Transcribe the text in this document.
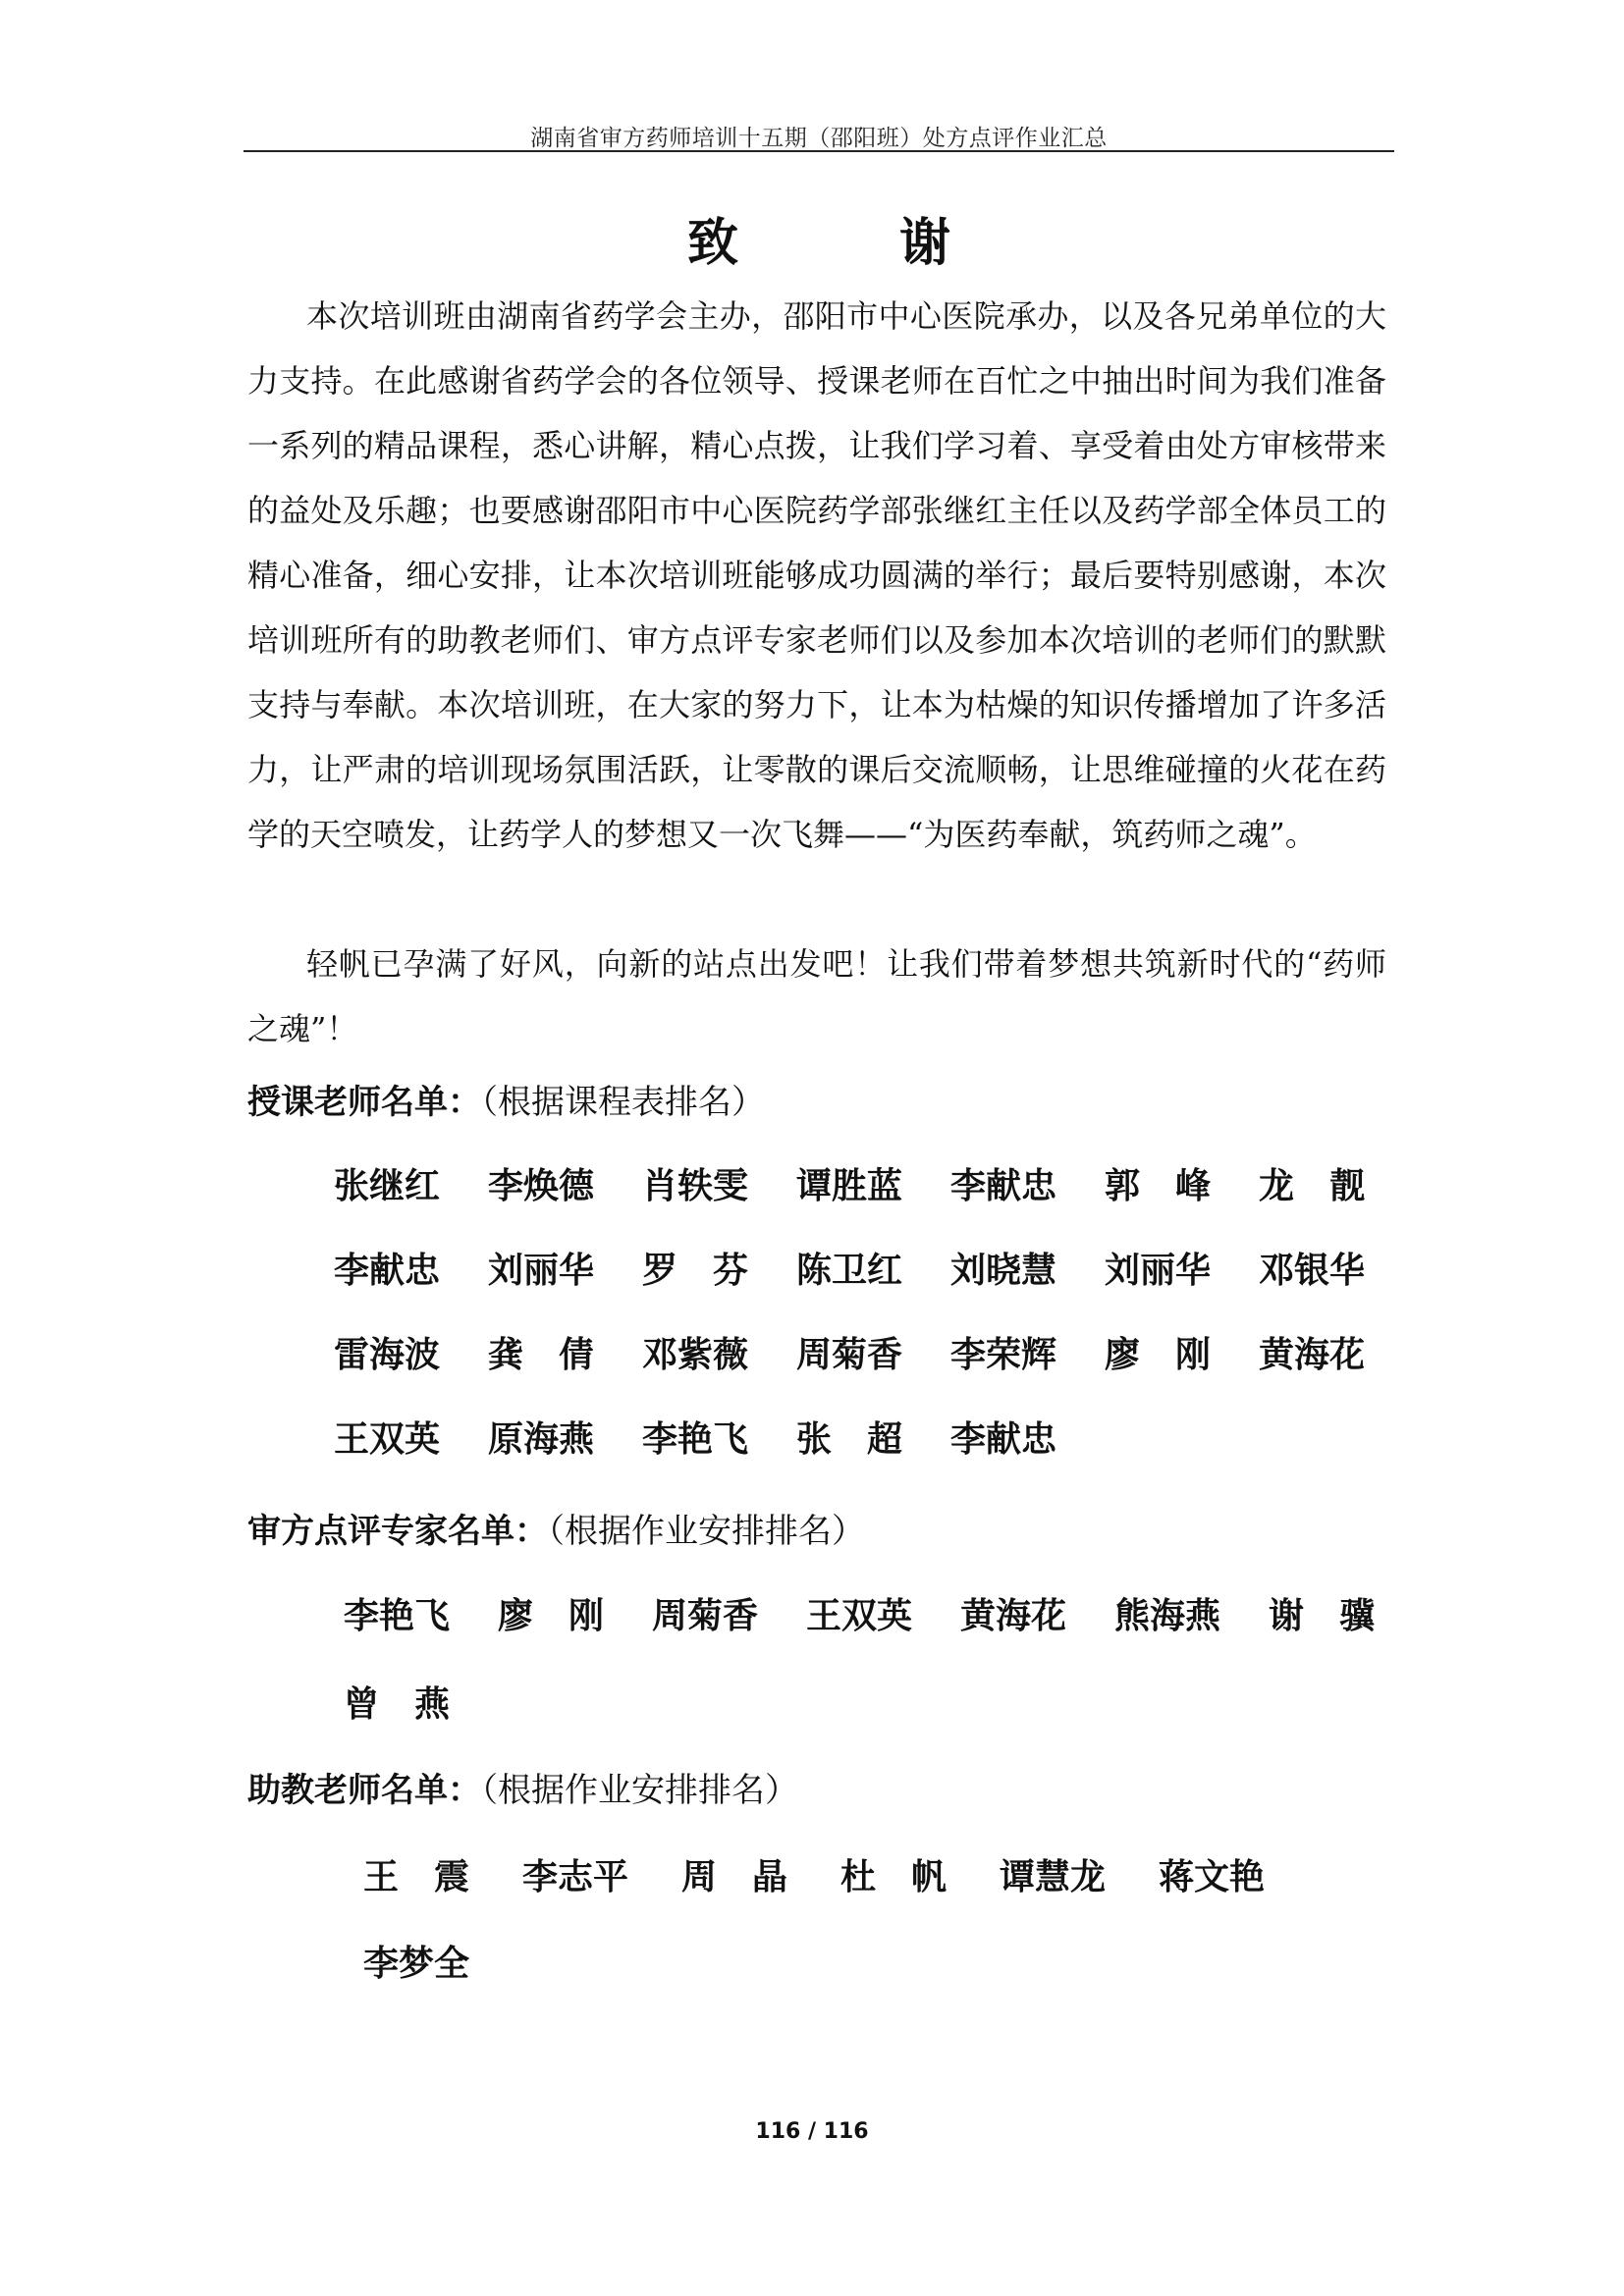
湖南省审方药师培训十五期（邵阳班）处方点评作业汇总
致　谢

本次培训班由湖南省药学会主办，邵阳市中心医院承办，以及各兄弟单位的大力支持。在此感谢省药学会的各位领导、授课老师在百忙之中抽出时间为我们准备一系列的精品课程，悉心讲解，精心点拨，让我们学习着、享受着由处方审核带来的益处及乐趣；也要感谢邵阳市中心医院药学部张继红主任以及药学部全体员工的精心准备，细心安排，让本次培训班能够成功圆满的举行；最后要特别感谢，本次培训班所有的助教老师们、审方点评专家老师们以及参加本次培训的老师们的默默支持与奉献。本次培训班，在大家的努力下，让本为枯燥的知识传播增加了许多活力，让严肃的培训现场氛围活跃，让零散的课后交流顺畅，让思维碰撞的火花在药学的天空喷发，让药学人的梦想又一次飞舞——“为医药奉献，筑药师之魂”。

轻帆已孕满了好风，向新的站点出发吧！让我们带着梦想共筑新时代的“药师之魂”！

授课老师名单：（根据课程表排名）
张继红 李焕德 肖轶雯 谭胜蓝 李献忠 郭　峰 龙　靓
李献忠 刘丽华 罗　芬 陈卫红 刘晓慧 刘丽华 邓银华
雷海波 龚　倩 邓紫薇 周菊香 李荣辉 廖　刚 黄海花
王双英 原海燕 李艳飞 张　超 李献忠
审方点评专家名单：（根据作业安排排名）
李艳飞 廖　刚 周菊香 王双英 黄海花 熊海燕 谢　骥
曾　燕
助教老师名单：（根据作业安排排名）
王　震 李志平 周　晶 杜　帆 谭慧龙 蒋文艳
李梦全
116 / 116
